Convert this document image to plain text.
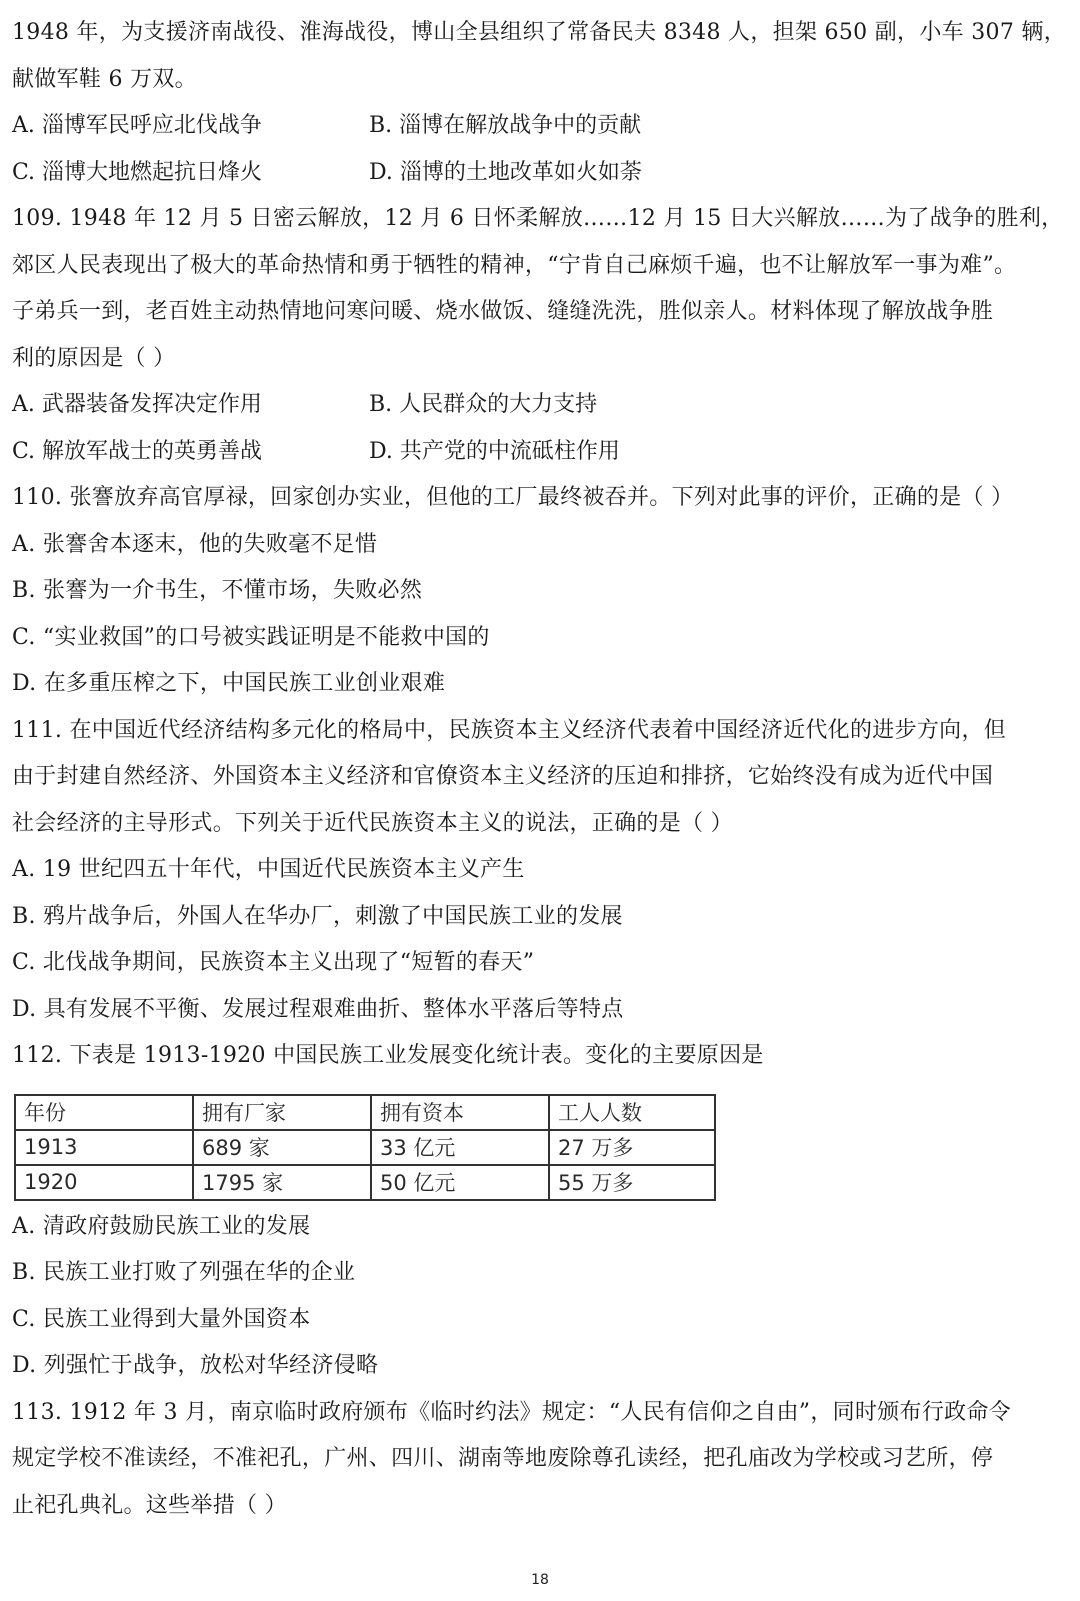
1948 年，为支援济南战役、淮海战役，博山全县组织了常备民夫 8348 人，担架 650 副，小车 307 辆，
献做军鞋 6 万双。
A. 淄博军民呼应北伐战争	B. 淄博在解放战争中的贡献
C. 淄博大地燃起抗日烽火	D. 淄博的土地改革如火如荼
109. 1948 年 12 月 5 日密云解放，12 月 6 日怀柔解放……12 月 15 日大兴解放……为了战争的胜利，
郊区人民表现出了极大的革命热情和勇于牺牲的精神，“宁肯自己麻烦千遍，也不让解放军一事为难”。
子弟兵一到，老百姓主动热情地问寒问暖、烧水做饭、缝缝洗洗，胜似亲人。材料体现了解放战争胜
利的原因是（ ）
A. 武器装备发挥决定作用	B. 人民群众的大力支持
C. 解放军战士的英勇善战	D. 共产党的中流砥柱作用
110. 张謇放弃高官厚禄，回家创办实业，但他的工厂最终被吞并。下列对此事的评价，正确的是（ ）
A. 张謇舍本逐末，他的失败毫不足惜
B. 张謇为一介书生，不懂市场，失败必然
C. “实业救国”的口号被实践证明是不能救中国的
D. 在多重压榨之下，中国民族工业创业艰难
111. 在中国近代经济结构多元化的格局中，民族资本主义经济代表着中国经济近代化的进步方向，但
由于封建自然经济、外国资本主义经济和官僚资本主义经济的压迫和排挤，它始终没有成为近代中国
社会经济的主导形式。下列关于近代民族资本主义的说法，正确的是（ ）
A. 19 世纪四五十年代，中国近代民族资本主义产生
B. 鸦片战争后，外国人在华办厂，刺激了中国民族工业的发展
C. 北伐战争期间，民族资本主义出现了“短暂的春天”
D. 具有发展不平衡、发展过程艰难曲折、整体水平落后等特点
112. 下表是 1913-1920 中国民族工业发展变化统计表。变化的主要原因是
年份	拥有厂家	拥有资本	工人人数
1913	689 家	33 亿元	27 万多
1920	1795 家	50 亿元	55 万多
A. 清政府鼓励民族工业的发展
B. 民族工业打败了列强在华的企业
C. 民族工业得到大量外国资本
D. 列强忙于战争，放松对华经济侵略
113. 1912 年 3 月，南京临时政府颁布《临时约法》规定：“人民有信仰之自由”，同时颁布行政命令
规定学校不准读经，不准祀孔，广州、四川、湖南等地废除尊孔读经，把孔庙改为学校或习艺所，停
止祀孔典礼。这些举措（ ）
18
